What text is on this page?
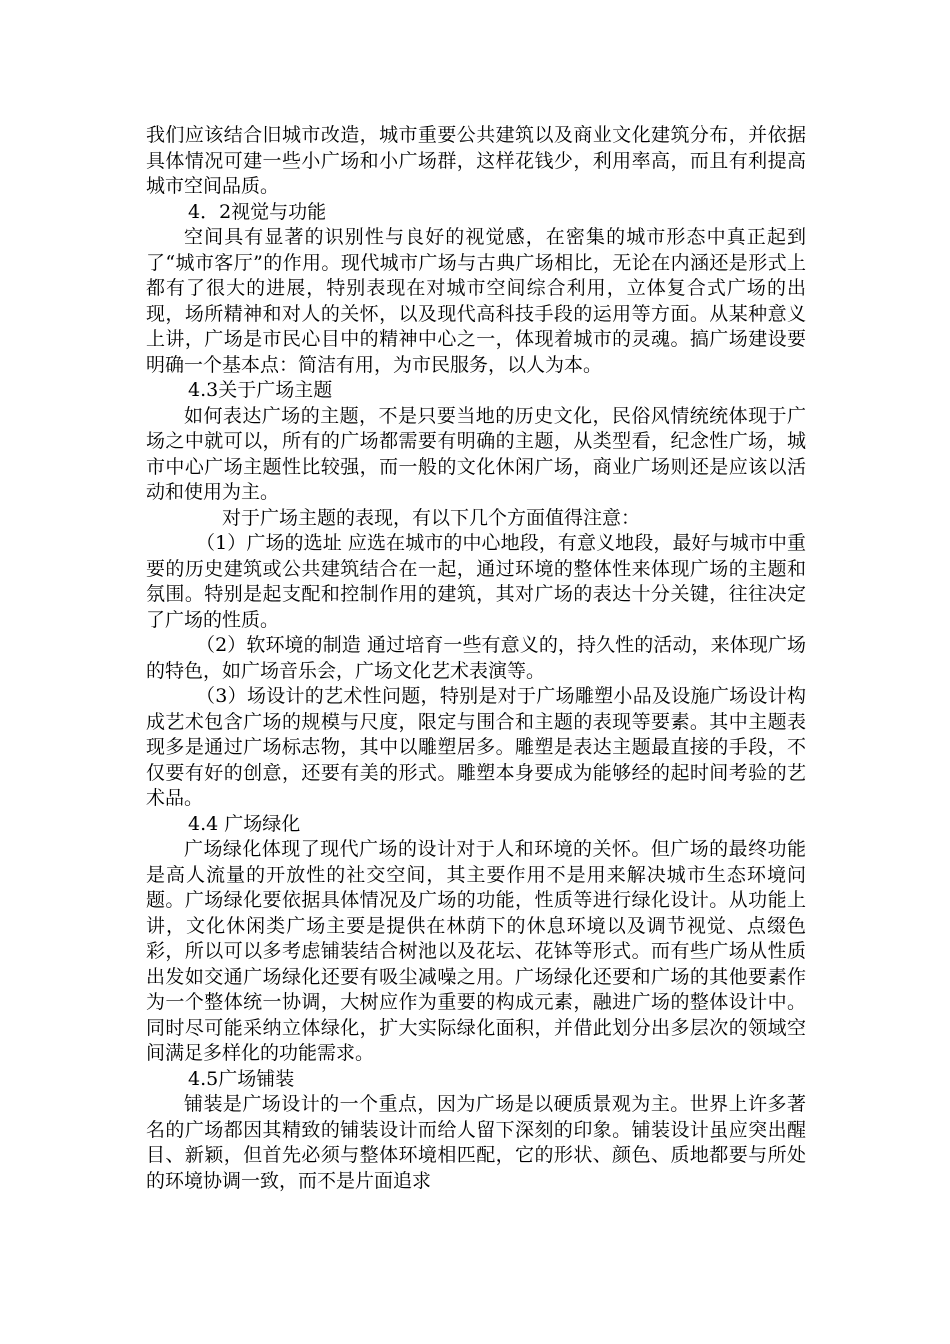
我们应该结合旧城市改造，城市重要公共建筑以及商业文化建筑分布，并依据具体情况可建一些小广场和小广场群，这样花钱少，利用率高，而且有利提高城市空间品质。

4．2视觉与功能

空间具有显著的识别性与良好的视觉感，在密集的城市形态中真正起到了“城市客厅”的作用。现代城市广场与古典广场相比，无论在内涵还是形式上都有了很大的进展，特别表现在对城市空间综合利用，立体复合式广场的出现，场所精神和对人的关怀，以及现代高科技手段的运用等方面。从某种意义上讲，广场是市民心目中的精神中心之一，体现着城市的灵魂。搞广场建设要明确一个基本点：简洁有用，为市民服务，以人为本。

4.3关于广场主题

如何表达广场的主题，不是只要当地的历史文化，民俗风情统统体现于广场之中就可以，所有的广场都需要有明确的主题，从类型看，纪念性广场，城市中心广场主题性比较强，而一般的文化休闲广场，商业广场则还是应该以活动和使用为主。

对于广场主题的表现，有以下几个方面值得注意：

（1）广场的选址 应选在城市的中心地段，有意义地段，最好与城市中重要的历史建筑或公共建筑结合在一起，通过环境的整体性来体现广场的主题和氛围。特别是起支配和控制作用的建筑，其对广场的表达十分关键，往往决定了广场的性质。

（2）软环境的制造 通过培育一些有意义的，持久性的活动，来体现广场的特色，如广场音乐会，广场文化艺术表演等。

（3）场设计的艺术性问题，特别是对于广场雕塑小品及设施广场设计构成艺术包含广场的规模与尺度，限定与围合和主题的表现等要素。其中主题表现多是通过广场标志物，其中以雕塑居多。雕塑是表达主题最直接的手段，不仅要有好的创意，还要有美的形式。雕塑本身要成为能够经的起时间考验的艺术品。

4.4 广场绿化

广场绿化体现了现代广场的设计对于人和环境的关怀。但广场的最终功能是高人流量的开放性的社交空间，其主要作用不是用来解决城市生态环境问题。广场绿化要依据具体情况及广场的功能，性质等进行绿化设计。从功能上讲，文化休闲类广场主要是提供在林荫下的休息环境以及调节视觉、点缀色彩，所以可以多考虑铺装结合树池以及花坛、花钵等形式。而有些广场从性质出发如交通广场绿化还要有吸尘减噪之用。广场绿化还要和广场的其他要素作为一个整体统一协调，大树应作为重要的构成元素，融进广场的整体设计中。同时尽可能采纳立体绿化，扩大实际绿化面积，并借此划分出多层次的领域空间满足多样化的功能需求。

4.5广场铺装

铺装是广场设计的一个重点，因为广场是以硬质景观为主。世界上许多著名的广场都因其精致的铺装设计而给人留下深刻的印象。铺装设计虽应突出醒目、新颖，但首先必须与整体环境相匹配，它的形状、颜色、质地都要与所处的环境协调一致，而不是片面追求
